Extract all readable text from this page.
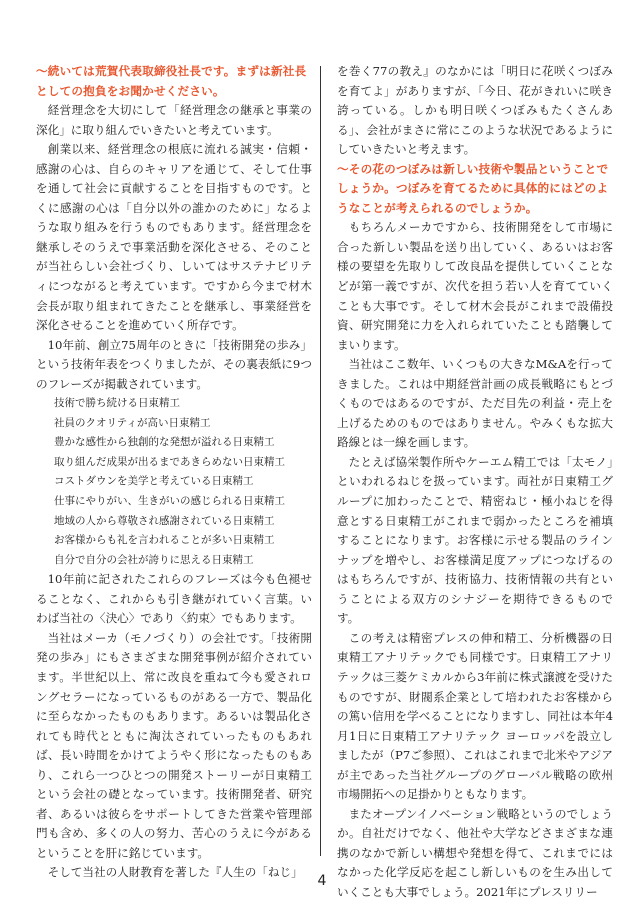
～続いては荒賀代表取締役社長です。まずは新社長としての抱負をお聞かせください。

経営理念を大切にして「経営理念の継承と事業の深化」に取り組んでいきたいと考えています。

創業以来、経営理念の根底に流れる誠実・信頼・感謝の心は、自らのキャリアを通じて、そして仕事を通して社会に貢献することを目指すものです。とくに感謝の心は「自分以外の誰かのために」なるような取り組みを行うものでもあります。経営理念を継承しそのうえで事業活動を深化させる、そのことが当社らしい会社づくり、しいてはサステナビリティにつながると考えています。ですから今まで材木会長が取り組まれてきたことを継承し、事業経営を深化させることを進めていく所存です。

10年前、創立75周年のときに「技術開発の歩み」という技術年表をつくりましたが、その裏表紙に9つのフレーズが掲載されています。

技術で勝ち続ける日東精工
社員のクオリティが高い日東精工
豊かな感性から独創的な発想が溢れる日東精工
取り組んだ成果が出るまであきらめない日東精工
コストダウンを美学と考えている日東精工
仕事にやりがい、生きがいの感じられる日東精工
地域の人から尊敬され感謝されている日東精工
お客様からも礼を言われることが多い日東精工
自分で自分の会社が誇りに思える日東精工

10年前に記されたこれらのフレーズは今も色褪せることなく、これからも引き継がれていく言葉。いわば当社の〈決心〉であり〈約束〉でもあります。

当社はメーカ（モノづくり）の会社です。「技術開発の歩み」にもさまざまな開発事例が紹介されています。半世紀以上、常に改良を重ねて今も愛されロングセラーになっているものがある一方で、製品化に至らなかったものもあります。あるいは製品化されても時代とともに淘汰されていったものもあれば、長い時間をかけてようやく形になったものもあり、これら一つひとつの開発ストーリーが日東精工という会社の礎となっています。技術開発者、研究者、あるいは彼らをサポートしてきた営業や管理部門も含め、多くの人の努力、苦心のうえに今があるということを肝に銘じています。

そして当社の人財教育を著した『人生の「ねじ」

を巻く77の教え』のなかには「明日に花咲くつぼみを育てよ」がありますが、「今日、花がきれいに咲き誇っている。しかも明日咲くつぼみもたくさんある」、会社がまさに常にこのような状況であるようにしていきたいと考えます。

～その花のつぼみは新しい技術や製品ということでしょうか。つぼみを育てるために具体的にはどのようなことが考えられるのでしょうか。

もちろんメーカですから、技術開発をして市場に合った新しい製品を送り出していく、あるいはお客様の要望を先取りして改良品を提供していくことなどが第一義ですが、次代を担う若い人を育てていくことも大事です。そして材木会長がこれまで設備投資、研究開発に力を入れられていたことも踏襲してまいります。

当社はここ数年、いくつもの大きなM&Aを行ってきました。これは中期経営計画の成長戦略にもとづくものではあるのですが、ただ目先の利益・売上を上げるためのものではありません。やみくもな拡大路線とは一線を画します。

たとえば協栄製作所やケーエム精工では「太モノ」といわれるねじを扱っています。両社が日東精工グループに加わったことで、精密ねじ・極小ねじを得意とする日東精工がこれまで弱かったところを補填することになります。お客様に示せる製品のラインナップを増やし、お客様満足度アップにつなげるのはもちろんですが、技術協力、技術情報の共有ということによる双方のシナジーを期待できるものです。

この考えは精密プレスの伸和精工、分析機器の日東精工アナリテックでも同様です。日東精工アナリテックは三菱ケミカルから3年前に株式譲渡を受けたものですが、財閥系企業として培われたお客様からの篤い信用を学べることになりますし、同社は本年4月1日に日東精工アナリテック ヨーロッパを設立しましたが（P7ご参照）、これはこれまで北米やアジアが主であった当社グループのグローバル戦略の欧州市場開拓への足掛かりともなります。

またオープンイノベーション戦略というのでしょうか。自社だけでなく、他社や大学などさまざまな連携のなかで新しい構想や発想を得て、これまでにはなかった化学反応を起こし新しいものを生み出していくことも大事でしょう。2021年にプレスリリー

4
